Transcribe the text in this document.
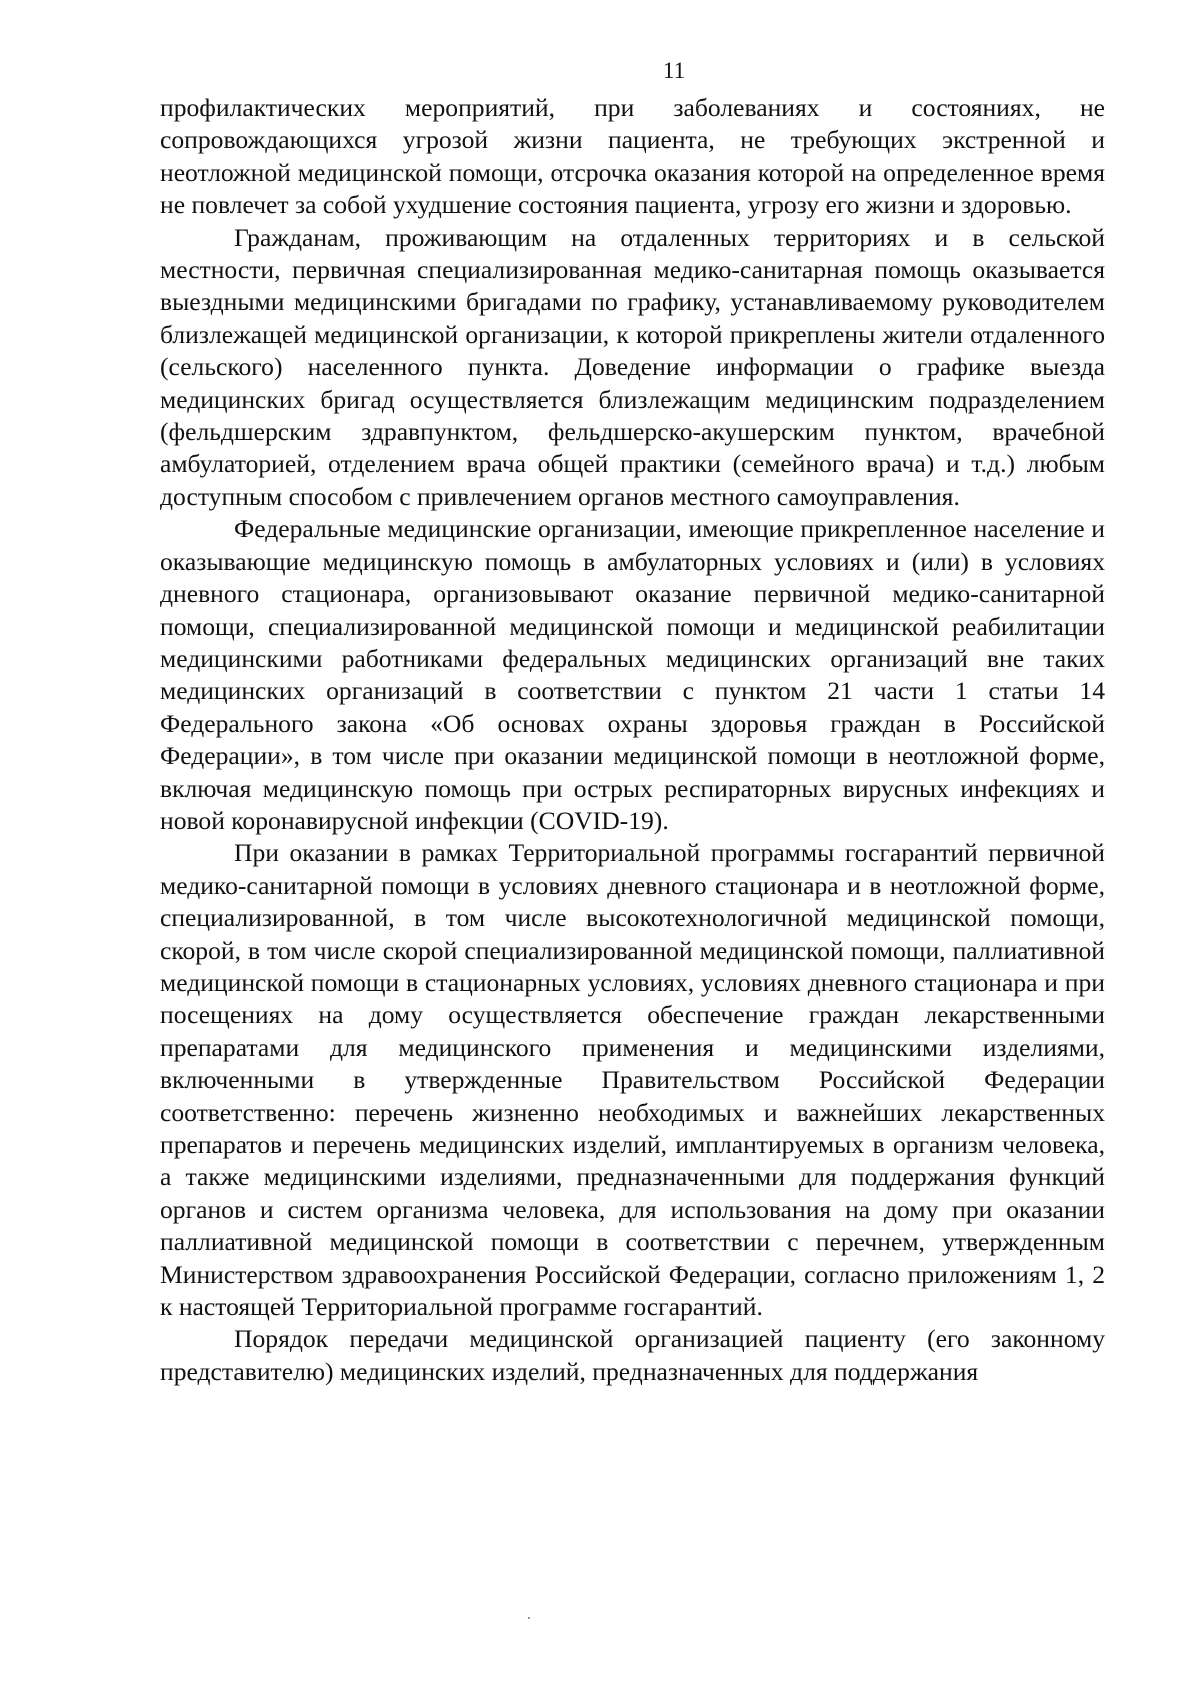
11

профилактических мероприятий, при заболеваниях и состояниях, не сопровождающихся угрозой жизни пациента, не требующих экстренной и неотложной медицинской помощи, отсрочка оказания которой на определенное время не повлечет за собой ухудшение состояния пациента, угрозу его жизни и здоровью.

Гражданам, проживающим на отдаленных территориях и в сельской местности, первичная специализированная медико-санитарная помощь оказывается выездными медицинскими бригадами по графику, устанавливаемому руководителем близлежащей медицинской организации, к которой прикреплены жители отдаленного (сельского) населенного пункта. Доведение информации о графике выезда медицинских бригад осуществляется близлежащим медицинским подразделением (фельдшерским здравпунктом, фельдшерско-акушерским пунктом, врачебной амбулаторией, отделением врача общей практики (семейного врача) и т.д.) любым доступным способом с привлечением органов местного самоуправления.

Федеральные медицинские организации, имеющие прикрепленное население и оказывающие медицинскую помощь в амбулаторных условиях и (или) в условиях дневного стационара, организовывают оказание первичной медико-санитарной помощи, специализированной медицинской помощи и медицинской реабилитации медицинскими работниками федеральных медицинских организаций вне таких медицинских организаций в соответствии с пунктом 21 части 1 статьи 14 Федерального закона «Об основах охраны здоровья граждан в Российской Федерации», в том числе при оказании медицинской помощи в неотложной форме, включая медицинскую помощь при острых респираторных вирусных инфекциях и новой коронавирусной инфекции (COVID-19).

При оказании в рамках Территориальной программы госгарантий первичной медико-санитарной помощи в условиях дневного стационара и в неотложной форме, специализированной, в том числе высокотехнологичной медицинской помощи, скорой, в том числе скорой специализированной медицинской помощи, паллиативной медицинской помощи в стационарных условиях, условиях дневного стационара и при посещениях на дому осуществляется обеспечение граждан лекарственными препаратами для медицинского применения и медицинскими изделиями, включенными в утвержденные Правительством Российской Федерации соответственно: перечень жизненно необходимых и важнейших лекарственных препаратов и перечень медицинских изделий, имплантируемых в организм человека, а также медицинскими изделиями, предназначенными для поддержания функций органов и систем организма человека, для использования на дому при оказании паллиативной медицинской помощи в соответствии с перечнем, утвержденным Министерством здравоохранения Российской Федерации, согласно приложениям 1, 2 к настоящей Территориальной программе госгарантий.

Порядок передачи медицинской организацией пациенту (его законному представителю) медицинских изделий, предназначенных для поддержания
